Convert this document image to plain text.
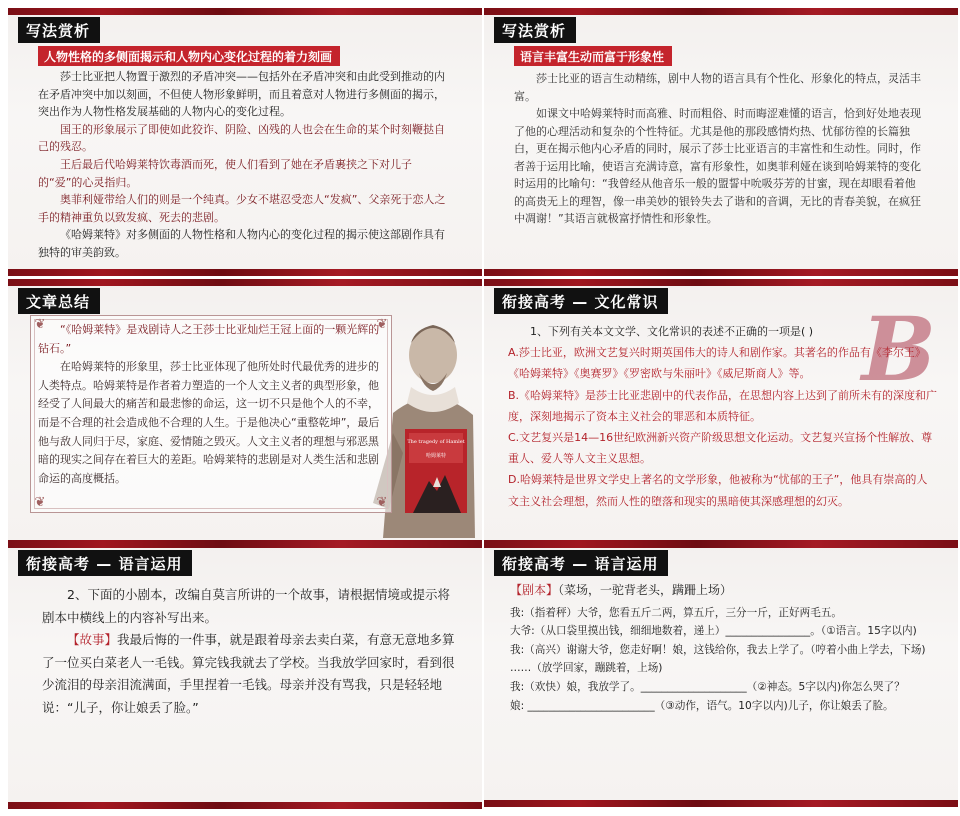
写法赏析
人物性格的多侧面揭示和人物内心变化过程的着力刻画

莎士比亚把人物置于激烈的矛盾冲突——包括外在矛盾冲突和由此受到推动的内在矛盾冲突中加以刻画，不但使人物形象鲜明，而且着意对人物进行多侧面的揭示，突出作为人物性格发展基础的人物内心的变化过程。

国王的形象展示了即使如此狡诈、阴险、凶残的人也会在生命的某个时刻鞭挞自己的残忍。

王后最后代哈姆莱特饮毒酒而死，使人们看到了她在矛盾裹挟之下对儿子的“爱”的心灵指归。

奥菲利娅带给人们的则是一个纯真。少女不堪忍受恋人“发疯”、父亲死于恋人之手的精神重负以致发疯、死去的悲剧。

《哈姆莱特》对多侧面的人物性格和人物内心的变化过程的揭示使这部剧作具有独特的审美韵致。

写法赏析
语言丰富生动而富于形象性

莎士比亚的语言生动精练，剧中人物的语言具有个性化、形象化的特点，灵活丰富。

如课文中哈姆莱特时而高雅、时而粗俗、时而晦涩难懂的语言，恰到好处地表现了他的心理活动和复杂的个性特征。尤其是他的那段感情灼热、忧郁彷徨的长篇独白，更在揭示他内心矛盾的同时，展示了莎士比亚语言的丰富性和生动性。同时，作者善于运用比喻，使语言充满诗意，富有形象性，如奥菲利娅在谈到哈姆莱特的变化时运用的比喻句：“我曾经从他音乐一般的盟誓中吮吸芬芳的甘蜜，现在却眼看着他的高贵无上的理智，像一串美妙的银铃失去了谐和的音调，无比的青春美貌，在疯狂中凋谢！”其语言就极富抒情性和形象性。

文章总结
❦	❦
❦	❦

“《哈姆莱特》是戏剧诗人之王莎士比亚灿烂王冠上面的一颗光辉的钻石。”

在哈姆莱特的形象里，莎士比亚体现了他所处时代最优秀的进步的人类特点。哈姆莱特是作者着力塑造的一个人文主义者的典型形象，他经受了人间最大的痛苦和最悲惨的命运，这一切不只是他个人的不幸，而是不合理的社会造成他不合理的人生。于是他决心“重整乾坤”，最后他与敌人同归于尽，家庭、爱情随之毁灭。人文主义者的理想与邪恶黑暗的现实之间存在着巨大的差距。哈姆莱特的悲剧是对人类生活和悲剧命运的高度概括。

The tragedy of Hamlet
哈姆莱特
衔接高考 — 文化常识 B

1、下列有关本文文学、文化常识的表述不正确的一项是( )

A.莎士比亚，欧洲文艺复兴时期英国伟大的诗人和剧作家。其著名的作品有《李尔王》《哈姆莱特》《奥赛罗》《罗密欧与朱丽叶》《威尼斯商人》等。
B.《哈姆莱特》是莎士比亚悲剧中的代表作品，在思想内容上达到了前所未有的深度和广度，深刻地揭示了资本主义社会的罪恶和本质特征。
C.文艺复兴是14—16世纪欧洲新兴资产阶级思想文化运动。文艺复兴宣扬个性解放、尊重人、爱人等人文主义思想。
D.哈姆莱特是世界文学史上著名的文学形象，他被称为“忧郁的王子”，他具有崇高的人文主义社会理想，然而人性的堕落和现实的黑暗使其深感理想的幻灭。
衔接高考 — 语言运用

2、下面的小剧本，改编自莫言所讲的一个故事，请根据情境或提示将剧本中横线上的内容补写出来。

【故事】我最后悔的一件事，就是跟着母亲去卖白菜，有意无意地多算了一位买白菜老人一毛钱。算完钱我就去了学校。当我放学回家时，看到很少流泪的母亲泪流满面，手里捏着一毛钱。母亲并没有骂我，只是轻轻地说：“儿子，你让娘丢了脸。”

衔接高考 — 语言运用
【剧本】（菜场，一驼背老头，蹒跚上场）
我:（指着秤）大爷，您看五斤二两，算五斤，三分一斤，正好两毛五。
大爷:（从口袋里摸出钱，细细地数着，递上）________________。（①语言。15字以内)
我:（高兴）谢谢大爷，您走好啊！娘，这钱给你，我去上学了。（哼着小曲上学去，下场)
……（放学回家，蹦跳着，上场)
我:（欢快）娘，我放学了。____________________（②神态。5字以内)你怎么哭了？
娘: ________________________（③动作，语气。10字以内)儿子，你让娘丢了脸。
